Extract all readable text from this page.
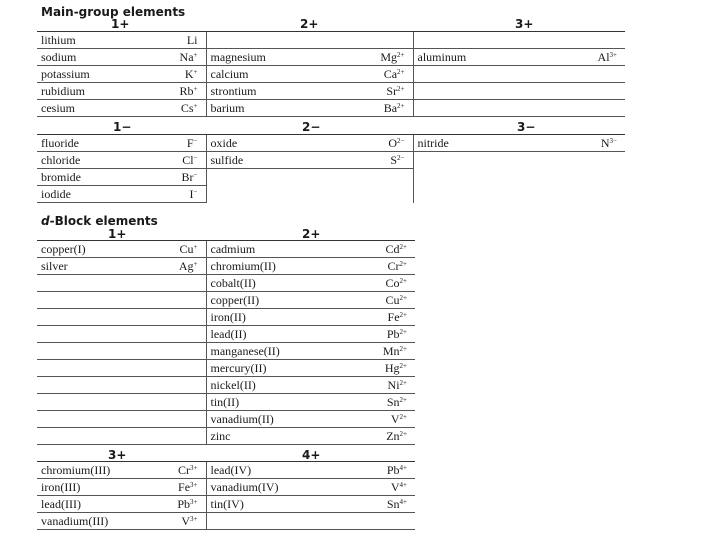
Main-group elements
1+	2+	3+
lithium	Li				
sodium	Na+	magnesium	$Mg^{2+}$	aluminum	$Al^{3+}$
potassium	K+	calcium	$Ca^{2+}$		
rubidium	Rb+	strontium	$Sr^{2+}$		
cesium	Cs+	barium	$Ba^{2+}$		
1−	2−	3−
fluoride	F−	oxide	$O^{2-}$	nitride	$N^{3-}$
chloride	Cl−	sulfide	$S^{2-}$		
bromide	Br−				
iodide	I−				
d-Block elements
1+	2+
copper(I)	Cu+	cadmium	$Cd^{2+}$
silver	Ag+	chromium(II)	$Cr^{2+}$
		cobalt(II)	$Co^{2+}$
		copper(II)	$Cu^{2+}$
		iron(II)	$Fe^{2+}$
		lead(II)	$Pb^{2+}$
		manganese(II)	$Mn^{2+}$
		mercury(II)	$Hg^{2+}$
		nickel(II)	$Ni^{2+}$
		tin(II)	$Sn^{2+}$
		vanadium(II)	$V^{2+}$
		zinc	$Zn^{2+}$
3+	4+
chromium(III)	$Cr^{3+}$	lead(IV)	$Pb^{4+}$
iron(III)	$Fe^{3+}$	vanadium(IV)	$V^{4+}$
lead(III)	$Pb^{3+}$	tin(IV)	$Sn^{4+}$
vanadium(III)	$V^{3+}$		
